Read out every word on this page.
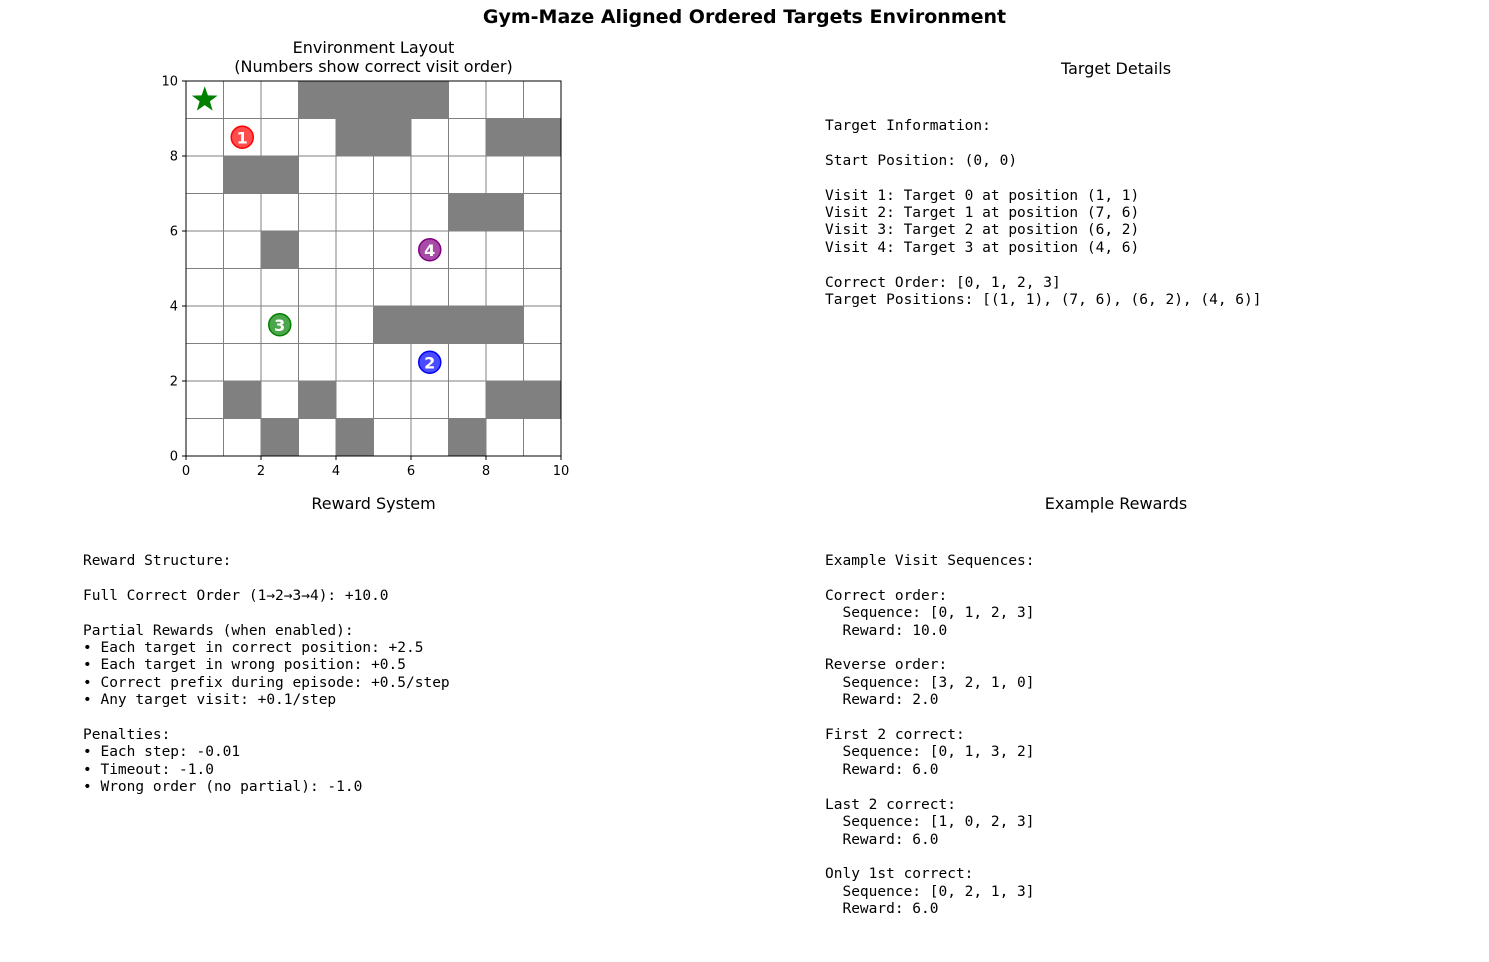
Gym-Maze Aligned Ordered Targets Environment
Environment Layout
(Numbers show correct visit order)
0	2	4	6	8	10
0
2
4
6
8
10
1
2
3
4
Target Details
Target Information:

Start Position: (0, 0)

Visit 1: Target 0 at position (1, 1)
Visit 2: Target 1 at position (7, 6)
Visit 3: Target 2 at position (6, 2)
Visit 4: Target 3 at position (4, 6)

Correct Order: [0, 1, 2, 3]
Target Positions: [(1, 1), (7, 6), (6, 2), (4, 6)]
Reward System
Reward Structure:

Full Correct Order (1→2→3→4): +10.0

Partial Rewards (when enabled):
• Each target in correct position: +2.5
• Each target in wrong position: +0.5
• Correct prefix during episode: +0.5/step
• Any target visit: +0.1/step

Penalties:
• Each step: -0.01
• Timeout: -1.0
• Wrong order (no partial): -1.0
Example Rewards
Example Visit Sequences:

Correct order:
Sequence: [0, 1, 2, 3]
Reward: 10.0

Reverse order:
Sequence: [3, 2, 1, 0]
Reward: 2.0

First 2 correct:
Sequence: [0, 1, 3, 2]
Reward: 6.0

Last 2 correct:
Sequence: [1, 0, 2, 3]
Reward: 6.0

Only 1st correct:
Sequence: [0, 2, 1, 3]
Reward: 6.0
